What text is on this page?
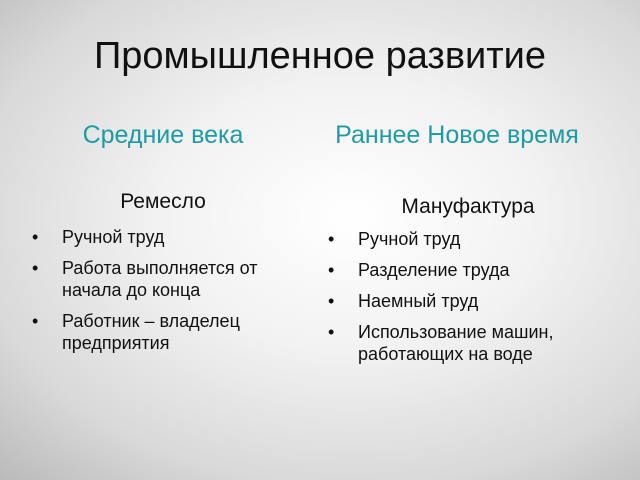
Промышленное развитие
Средние века	Раннее Новое время
Ремесло	Мануфактура
• Ручной труд
• Работа выполняется от начала до конца
• Работник – владелец предприятия
• Ручной труд
• Разделение труда
• Наемный труд
• Использование машин, работающих на воде
